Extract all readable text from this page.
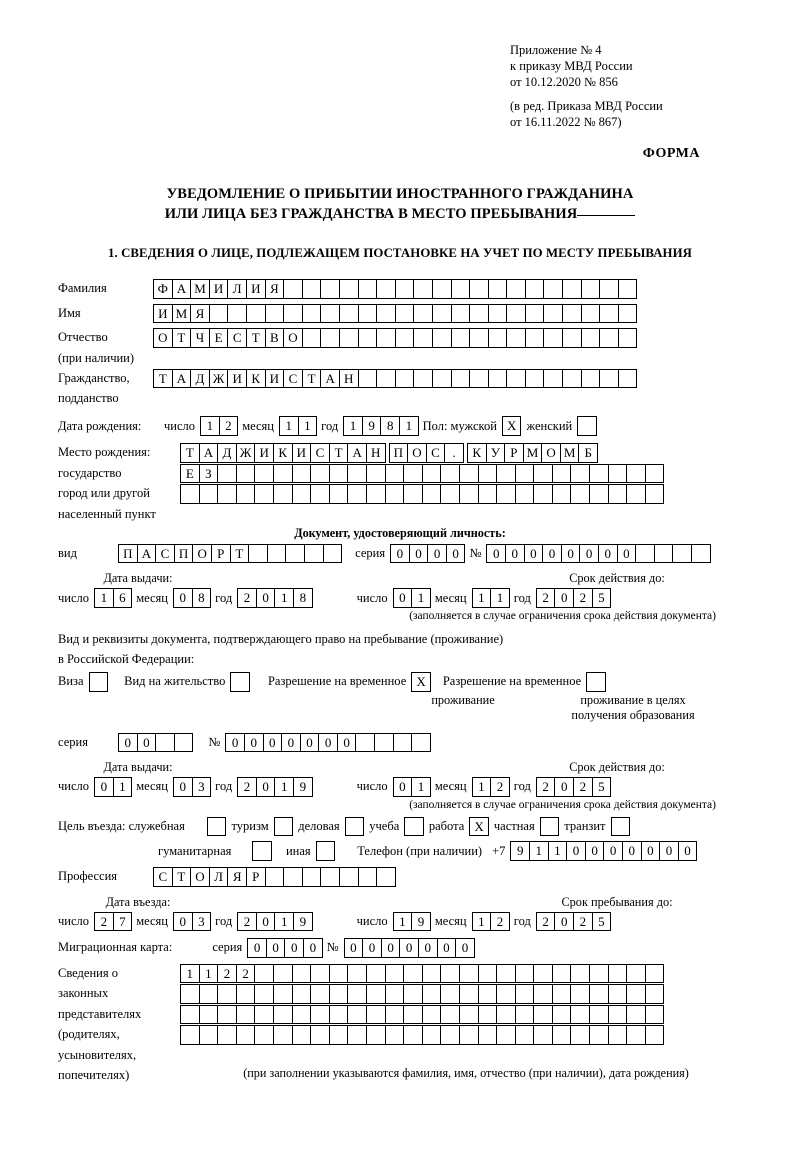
Приложение № 4
к приказу МВД России
от 10.12.2020 № 856
(в ред. Приказа МВД России
от 16.11.2022 № 867)
ФОРМА
УВЕДОМЛЕНИЕ О ПРИБЫТИИ ИНОСТРАННОГО ГРАЖДАНИНА
ИЛИ ЛИЦА БЕЗ ГРАЖДАНСТВА В МЕСТО ПРЕБЫВАНИЯ
1. СВЕДЕНИЯ О ЛИЦЕ, ПОДЛЕЖАЩЕМ ПОСТАНОВКЕ НА УЧЕТ ПО МЕСТУ ПРЕБЫВАНИЯ
Фамилия	Ф А М И Л И Я
Имя	И М Я
Отчество	О Т Ч Е С Т В О
(при наличии)
Гражданство,	Т А Д Ж И К И С Т А Н
подданство
Дата рождения:	число 1 2 месяц 1 1 год 1 9 8 1 Пол: мужской X женский
Место рождения:	Т А Д Ж И К И С Т А Н	П О С .	К У Р М О М Б
государство	Е З
город или другой
населенный пункт
Документ, удостоверяющий личность:
вид	П А С П О Р Т	серия 0 0 0 0 № 0 0 0 0 0 0 0 0
Дата выдачи:	Срок действия до:
число 1 6 месяц 0 8 год 2 0 1 8	число 0 1 месяц 1 1 год 2 0 2 5
(заполняется в случае ограничения срока действия документа)
Вид и реквизиты документа, подтверждающего право на пребывание (проживание)
в Российской Федерации:
Виза	Вид на жительство	Разрешение на временное X	Разрешение на временное
проживание	проживание в целях
получения образования
серия	0 0	№ 0 0 0 0 0 0 0
Дата выдачи:	Срок действия до:
число 0 1 месяц 0 3 год 2 0 1 9	число 0 1 месяц 1 2 год 2 0 2 5
(заполняется в случае ограничения срока действия документа)
Цель въезда: служебная	туризм	деловая	учеба	работа X частная	транзит
гуманитарная	иная	Телефон (при наличии) +7 9 1 1 0 0 0 0 0 0 0
Профессия	С Т О Л Я Р
Дата въезда:	Срок пребывания до:
число 2 7 месяц 0 3 год 2 0 1 9	число 1 9 месяц 1 2 год 2 0 2 5
Миграционная карта:	серия 0 0 0 0 № 0 0 0 0 0 0 0
Сведения о	1 1 2 2
законных
представителях
(родителях,
усыновителях,
попечителях)	(при заполнении указываются фамилия, имя, отчество (при наличии), дата рождения)
